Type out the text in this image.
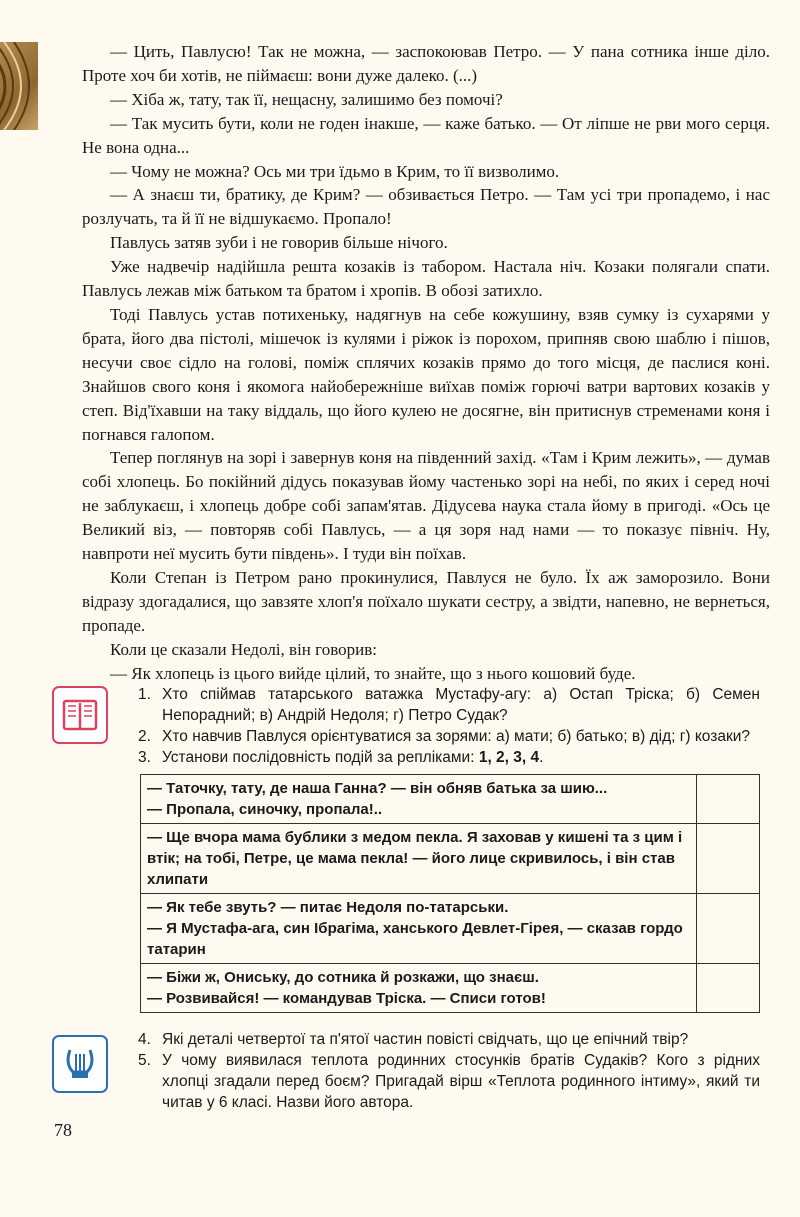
— Цить, Павлусю! Так не можна, — заспокоював Петро. — У пана сотника інше діло. Проте хоч би хотів, не піймаєш: вони дуже далеко. (...)

— Хіба ж, тату, так її, нещасну, залишимо без помочі?

— Так мусить бути, коли не годен інакше, — каже батько. — От ліпше не рви мого серця. Не вона одна...

— Чому не можна? Ось ми три їдьмо в Крим, то її визволимо.

— А знаєш ти, братику, де Крим? — обзивається Петро. — Там усі три пропадемо, і нас розлучать, та й її не відшукаємо. Пропало!

Павлусь затяв зуби і не говорив більше нічого.

Уже надвечір надійшла решта козаків із табором. Настала ніч. Козаки полягали спати. Павлусь лежав між батьком та братом і хропів. В обозі затихло.

Тоді Павлусь устав потихеньку, надягнув на себе кожушину, взяв сумку із сухарями у брата, його два пістолі, мішечок із кулями і ріжок із порохом, припняв свою шаблю і пішов, несучи своє сідло на голові, поміж сплячих козаків прямо до того місця, де паслися коні. Знайшов свого коня і якомога найобережніше виїхав поміж горючі ватри вартових козаків у степ. Від'їхавши на таку віддаль, що його кулею не досягне, він притиснув стременами коня і погнався галопом.

Тепер поглянув на зорі і завернув коня на південний захід. «Там і Крим лежить», — думав собі хлопець. Бо покійний дідусь показував йому частенько зорі на небі, по яких і серед ночі не заблукаєш, і хлопець добре собі запам'ятав. Дідусева наука стала йому в пригоді. «Ось це Великий віз, — повторяв собі Павлусь, — а ця зоря над нами — то показує північ. Ну, навпроти неї мусить бути південь». І туди він поїхав.

Коли Степан із Петром рано прокинулися, Павлуся не було. Їх аж заморозило. Вони відразу здогадалися, що завзяте хлоп'я поїхало шукати сестру, а звідти, напевно, не вернеться, пропаде.

Коли це сказали Недолі, він говорив:

— Як хлопець із цього вийде цілий, то знайте, що з нього кошовий буде.

1. Хто спіймав татарського ватажка Мустафу-агу: а) Остап Тріска; б) Семен Непорадний; в) Андрій Недоля; г) Петро Судак?
2. Хто навчив Павлуся орієнтуватися за зорями: а) мати; б) батько; в) дід; г) козаки?
3. Установи послідовність подій за репліками: 1, 2, 3, 4.
— Таточку, тату, де наша Ганна? — він обняв батька за шию...
— Пропала, синочку, пропала!..	

— Ще вчора мама бублики з медом пекла. Я заховав у кишені та з цим і втік; на тобі, Петре, це мама пекла! — його лице скривилось, і він став хлипати	

— Як тебе звуть? — питає Недоля по-татарськи.
— Я Мустафа-ага, син Ібрагіма, ханського Девлет-Гірея, — сказав гордо татарин	

— Біжи ж, Ониську, до сотника й розкажи, що знаєш.
— Розвивайся! — командував Тріска. — Списи готов!	

4. Які деталі четвертої та п'ятої частин повісті свідчать, що це епічний твір?
5. У чому виявилася теплота родинних стосунків братів Судаків? Кого з рідних хлопці згадали перед боєм? Пригадай вірш «Теплота родинного інтиму», який ти читав у 6 класі. Назви його автора.
78
